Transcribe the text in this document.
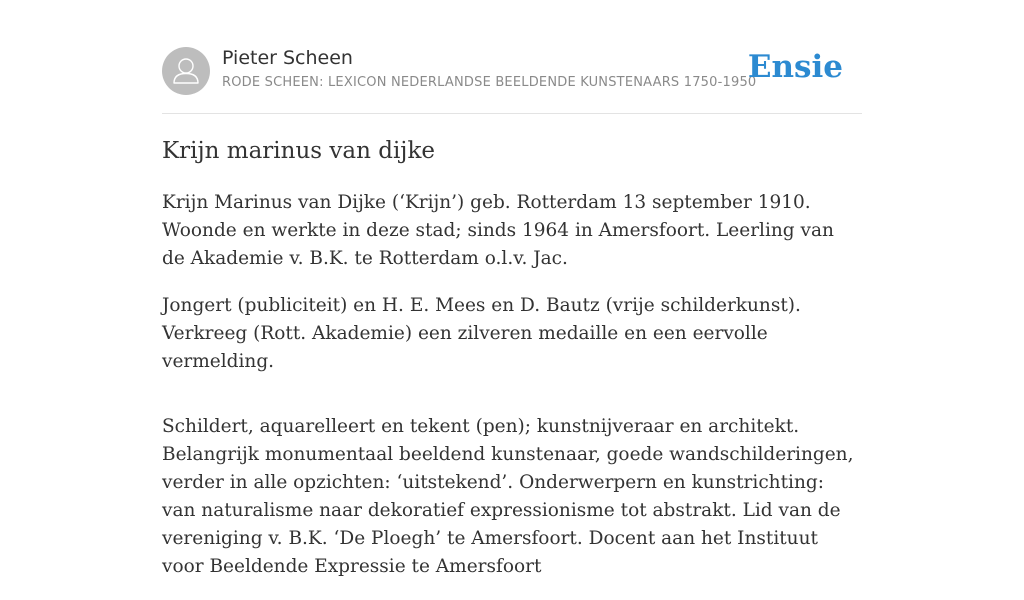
Pieter Scheen
RODE SCHEEN: LEXICON NEDERLANDSE BEELDENDE KUNSTENAARS 1750-1950
Ensie
Krijn marinus van dijke

Krijn Marinus van Dijke (‘Krijn’) geb. Rotterdam 13 september 1910. Woonde en werkte in deze stad; sinds 1964 in Amersfoort. Leerling van de Akademie v. B.K. te Rotterdam o.l.v. Jac.

Jongert (publiciteit) en H. E. Mees en D. Bautz (vrije schilderkunst). Verkreeg (Rott. Akademie) een zilveren medaille en een eervolle vermelding.

Schildert, aquarelleert en tekent (pen); kunstnijveraar en architekt. Belangrijk monumentaal beeldend kunstenaar, goede wandschilderingen, verder in alle opzichten: ‘uitstekend’. Onderwerpern en kunstrichting: van naturalisme naar dekoratief expressionisme tot abstrakt. Lid van de vereniging v. B.K. ‘De Ploegh’ te Amersfoort. Docent aan het Instituut voor Beeldende Expressie te Amersfoort
